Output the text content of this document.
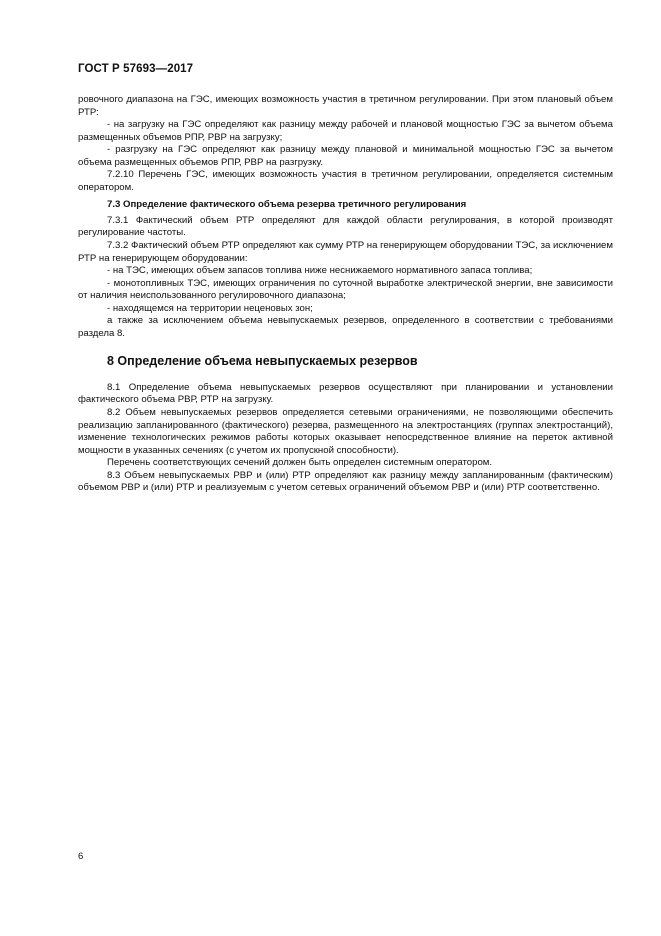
ГОСТ Р 57693—2017

ровочного диапазона на ГЭС, имеющих возможность участия в третичном регулировании. При этом плановый объем РТР:

- на загрузку на ГЭС определяют как разницу между рабочей и плановой мощностью ГЭС за вычетом объема размещенных объемов РПР, РВР на загрузку;

- разгрузку на ГЭС определяют как разницу между плановой и минимальной мощностью ГЭС за вычетом объема размещенных объемов РПР, РВР на разгрузку.

7.2.10 Перечень ГЭС, имеющих возможность участия в третичном регулировании, определяется системным оператором.

7.3 Определение фактического объема резерва третичного регулирования

7.3.1 Фактический объем РТР определяют для каждой области регулирования, в которой производят регулирование частоты.

7.3.2 Фактический объем РТР определяют как сумму РТР на генерирующем оборудовании ТЭС, за исключением РТР на генерирующем оборудовании:

- на ТЭС, имеющих объем запасов топлива ниже неснижаемого нормативного запаса топлива;

- монотопливных ТЭС, имеющих ограничения по суточной выработке электрической энергии, вне зависимости от наличия неиспользованного регулировочного диапазона;

- находящемся на территории неценовых зон;

а также за исключением объема невыпускаемых резервов, определенного в соответствии с требованиями раздела 8.

8 Определение объема невыпускаемых резервов

8.1 Определение объема невыпускаемых резервов осуществляют при планировании и установлении фактического объема РВР, РТР на загрузку.

8.2 Объем невыпускаемых резервов определяется сетевыми ограничениями, не позволяющими обеспечить реализацию запланированного (фактического) резерва, размещенного на электростанциях (группах электростанций), изменение технологических режимов работы которых оказывает непосредственное влияние на переток активной мощности в указанных сечениях (с учетом их пропускной способности).

Перечень соответствующих сечений должен быть определен системным оператором.

8.3 Объем невыпускаемых РВР и (или) РТР определяют как разницу между запланированным (фактическим) объемом РВР и (или) РТР и реализуемым с учетом сетевых ограничений объемом РВР и (или) РТР соответственно.

6
